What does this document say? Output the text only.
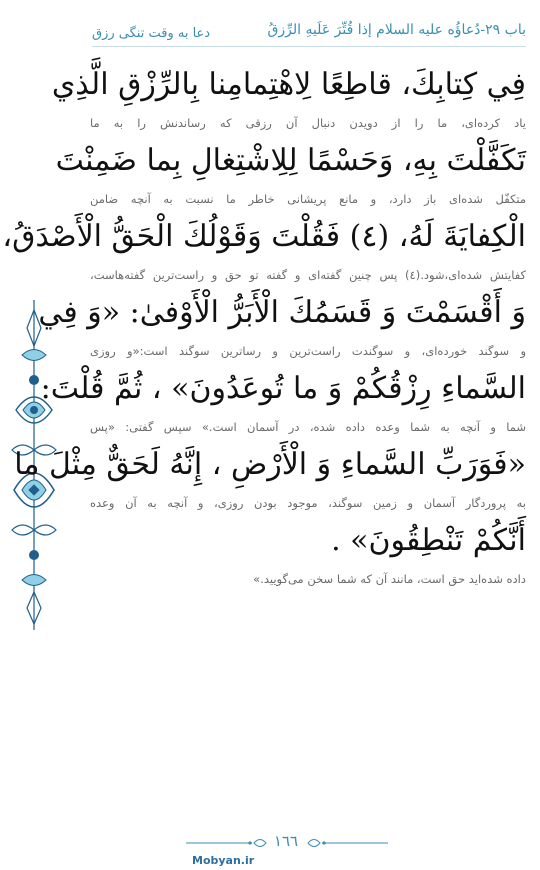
باب ۲۹-دُعاؤُه علیه السلام إذا قُتِّرَ عَلَيهِ الرِّزقُ
دعا به وقت تنگی رزق
فِي كِتابِكَ، قاطِعًا لِاهْتِمامِنا بِالرِّزْقِ الَّذِي
یاد کرده‌ای، ما را از دویدن دنبال آن رزقی که رساندنش را به ما
تَكَفَّلْتَ بِهِ، وَحَسْمًا لِلِاشْتِغالِ بِما ضَمِنْتَ
متکفّل شده‌ای باز دارد، و مانع پریشانی خاطر ما نسبت به آنچه ضامن
الْكِفايَةَ لَهُ، (٤) فَقُلْتَ وَقَوْلُكَ الْحَقُّ الْأَصْدَقُ،
کفایتش شده‌ای،شود.(٤) پس چنین گفته‌ای و گفته تو حق و راست‌ترین گفته‌هاست،
وَ أَقْسَمْتَ وَ قَسَمُكَ الْأَبَرُّ الْأَوْفىٰ: «وَ فِي
و سوگند خورده‌ای، و سوگندت راست‌ترین و رساترین سوگند است:«و روزی
السَّماءِ رِزْقُكُمْ وَ ما تُوعَدُونَ» ، ثُمَّ قُلْتَ:
شما و آنچه به شما وعده داده شده، در آسمان است.» سپس گفتی: «پس
«فَوَرَبِّ السَّماءِ وَ الْأَرْضِ ، إِنَّهُ لَحَقٌّ مِثْلَ ما
به پروردگار آسمان و زمین سوگند، موجود بودن روزی، و آنچه به آن وعده
أَنَّكُمْ تَنْطِقُونَ» .
داده شده‌اید حق است، مانند آن که شما سخن می‌گویید.»
١٦٦
Mobyan.ir
